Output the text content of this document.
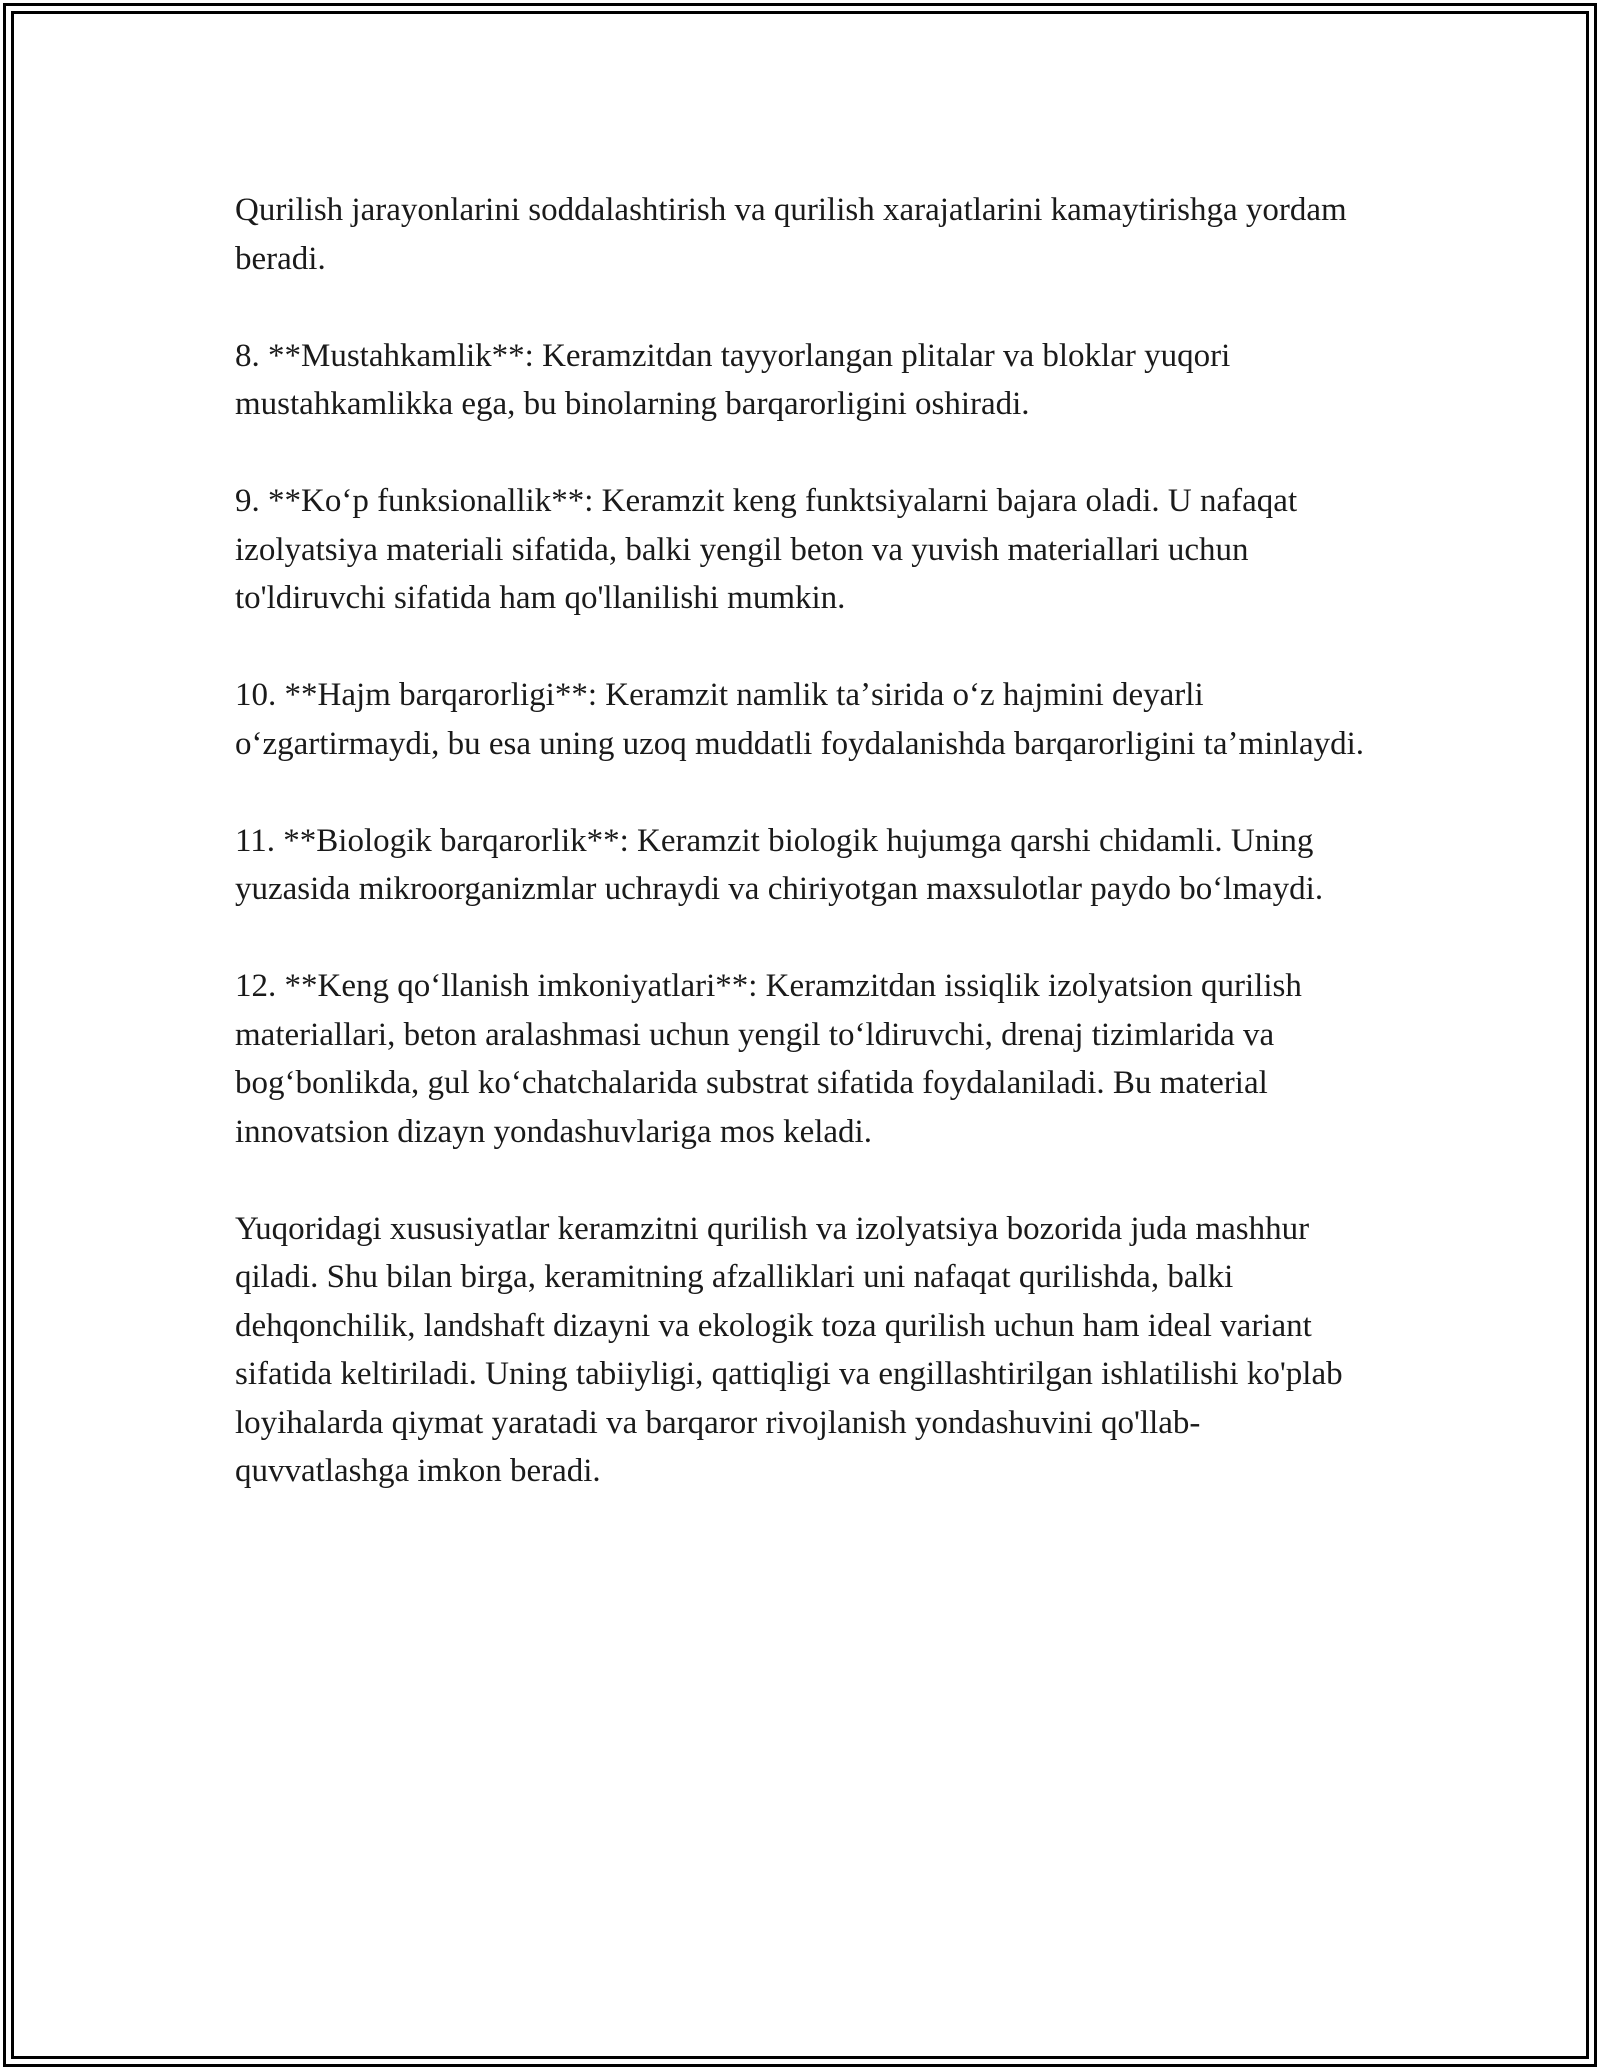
Qurilish jarayonlarini soddalashtirish va qurilish xarajatlarini kamaytirishga yordam beradi.

8. **Mustahkamlik**: Keramzitdan tayyorlangan plitalar va bloklar yuqori mustahkamlikka ega, bu binolarning barqarorligini oshiradi.

9. **Koʻp funksionallik**: Keramzit keng funktsiyalarni bajara oladi. U nafaqat izolyatsiya materiali sifatida, balki yengil beton va yuvish materiallari uchun to'ldiruvchi sifatida ham qo'llanilishi mumkin.

10. **Hajm barqarorligi**: Keramzit namlik taʼsirida oʻz hajmini deyarli oʻzgartirmaydi, bu esa uning uzoq muddatli foydalanishda barqarorligini taʼminlaydi.

11. **Biologik barqarorlik**: Keramzit biologik hujumga qarshi chidamli. Uning yuzasida mikroorganizmlar uchraydi va chiriyotgan maxsulotlar paydo boʻlmaydi.

12. **Keng qoʻllanish imkoniyatlari**: Keramzitdan issiqlik izolyatsion qurilish materiallari, beton aralashmasi uchun yengil toʻldiruvchi, drenaj tizimlarida va bogʻbonlikda, gul koʻchatchalarida substrat sifatida foydalaniladi. Bu material innovatsion dizayn yondashuvlariga mos keladi.

Yuqoridagi xususiyatlar keramzitni qurilish va izolyatsiya bozorida juda mashhur qiladi. Shu bilan birga, keramitning afzalliklari uni nafaqat qurilishda, balki dehqonchilik, landshaft dizayni va ekologik toza qurilish uchun ham ideal variant sifatida keltiriladi. Uning tabiiyligi, qattiqligi va engillashtirilgan ishlatilishi ko'plab loyihalarda qiymat yaratadi va barqaror rivojlanish yondashuvini qo'llab-quvvatlashga imkon beradi.
